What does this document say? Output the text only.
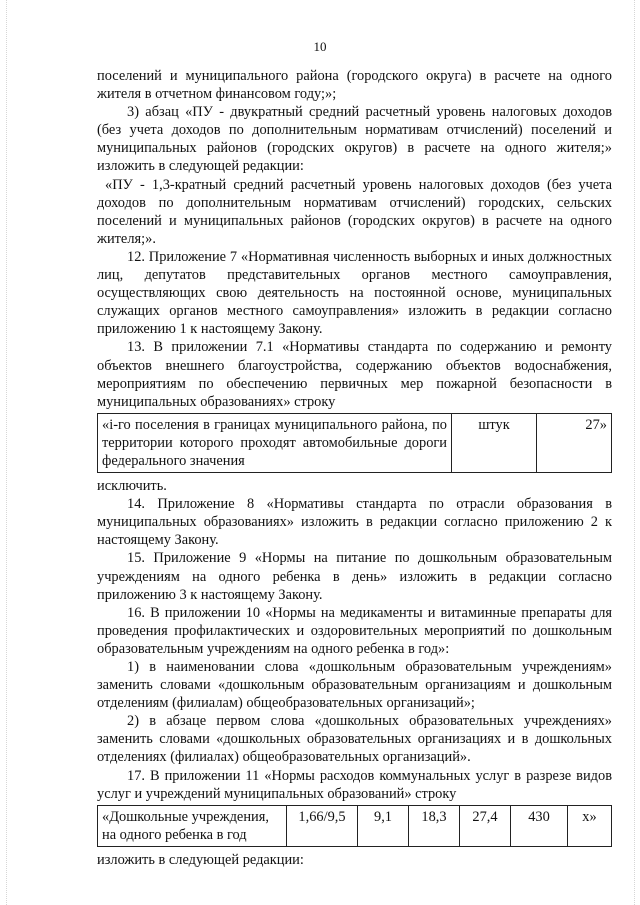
10

поселений и муниципального района (городского округа) в расчете на одного жителя в отчетном финансовом году;»;

3) абзац «ПУ - двукратный средний расчетный уровень налоговых доходов (без учета доходов по дополнительным нормативам отчислений) поселений и муниципальных районов (городских округов) в расчете на одного жителя;» изложить в следующей редакции:

«ПУ - 1,3-кратный средний расчетный уровень налоговых доходов (без учета доходов по дополнительным нормативам отчислений) городских, сельских поселений и муниципальных районов (городских округов) в расчете на одного жителя;».

12. Приложение 7 «Нормативная численность выборных и иных должностных лиц, депутатов представительных органов местного самоуправления, осуществляющих свою деятельность на постоянной основе, муниципальных служащих органов местного самоуправления» изложить в редакции согласно приложению 1 к настоящему Закону.

13. В приложении 7.1 «Нормативы стандарта по содержанию и ремонту объектов внешнего благоустройства, содержанию объектов водоснабжения, мероприятиям по обеспечению первичных мер пожарной безопасности в муниципальных образованиях» строку

«i-го поселения в границах муниципального района, по территории которого проходят автомобильные дороги федерального значения	штук	27»

исключить.

14. Приложение 8 «Нормативы стандарта по отрасли образования в муниципальных образованиях» изложить в редакции согласно приложению 2 к настоящему Закону.

15. Приложение 9 «Нормы на питание по дошкольным образовательным учреждениям на одного ребенка в день» изложить в редакции согласно приложению 3 к настоящему Закону.

16. В приложении 10 «Нормы на медикаменты и витаминные препараты для проведения профилактических и оздоровительных мероприятий по дошкольным образовательным учреждениям на одного ребенка в год»:

1) в наименовании слова «дошкольным образовательным учреждениям» заменить словами «дошкольным образовательным организациям и дошкольным отделениям (филиалам) общеобразовательных организаций»;

2) в абзаце первом слова «дошкольных образовательных учреждениях» заменить словами «дошкольных образовательных организациях и в дошкольных отделениях (филиалах) общеобразовательных организаций».

17. В приложении 11 «Нормы расходов коммунальных услуг в разрезе видов услуг и учреждений муниципальных образований» строку

«Дошкольные учреждения, на одного ребенка в год	1,66/9,5	9,1	18,3	27,4	430	х»

изложить в следующей редакции:
